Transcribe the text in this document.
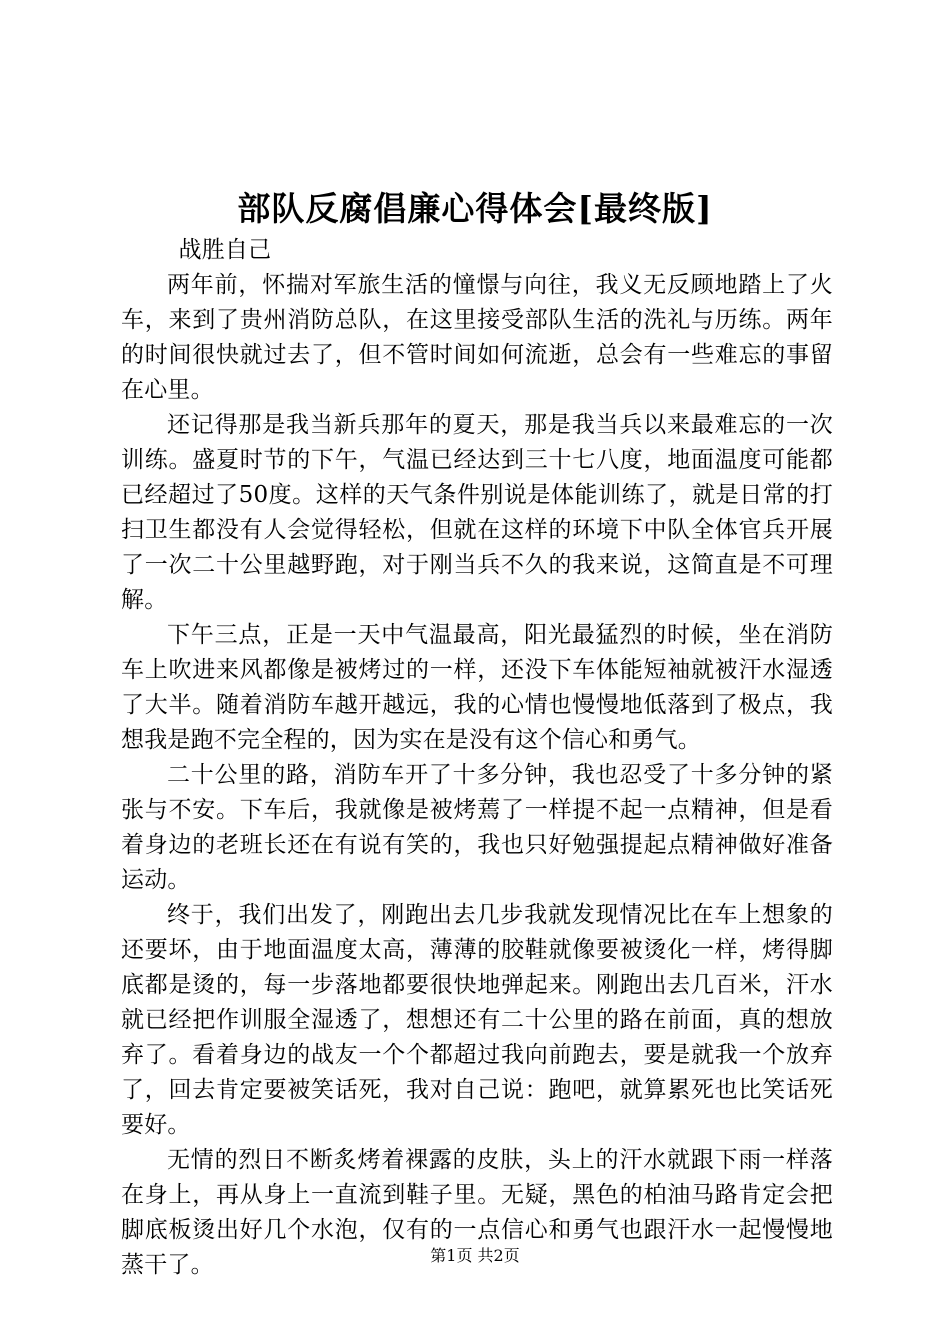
部队反腐倡廉心得体会[最终版]

战胜自己

两年前，怀揣对军旅生活的憧憬与向往，我义无反顾地踏上了火车，来到了贵州消防总队，在这里接受部队生活的洗礼与历练。两年的时间很快就过去了，但不管时间如何流逝，总会有一些难忘的事留在心里。

还记得那是我当新兵那年的夏天，那是我当兵以来最难忘的一次训练。盛夏时节的下午，气温已经达到三十七八度，地面温度可能都已经超过了50度。这样的天气条件别说是体能训练了，就是日常的打扫卫生都没有人会觉得轻松，但就在这样的环境下中队全体官兵开展了一次二十公里越野跑，对于刚当兵不久的我来说，这简直是不可理解。

下午三点，正是一天中气温最高，阳光最猛烈的时候，坐在消防车上吹进来风都像是被烤过的一样，还没下车体能短袖就被汗水湿透了大半。随着消防车越开越远，我的心情也慢慢地低落到了极点，我想我是跑不完全程的，因为实在是没有这个信心和勇气。

二十公里的路，消防车开了十多分钟，我也忍受了十多分钟的紧张与不安。下车后，我就像是被烤蔫了一样提不起一点精神，但是看着身边的老班长还在有说有笑的，我也只好勉强提起点精神做好准备运动。

终于，我们出发了，刚跑出去几步我就发现情况比在车上想象的还要坏，由于地面温度太高，薄薄的胶鞋就像要被烫化一样，烤得脚底都是烫的，每一步落地都要很快地弹起来。刚跑出去几百米，汗水就已经把作训服全湿透了，想想还有二十公里的路在前面，真的想放弃了。看着身边的战友一个个都超过我向前跑去，要是就我一个放弃了，回去肯定要被笑话死，我对自己说：跑吧，就算累死也比笑话死要好。

无情的烈日不断炙烤着裸露的皮肤，头上的汗水就跟下雨一样落在身上，再从身上一直流到鞋子里。无疑，黑色的柏油马路肯定会把脚底板烫出好几个水泡，仅有的一点信心和勇气也跟汗水一起慢慢地蒸干了。	第1页 共2页
